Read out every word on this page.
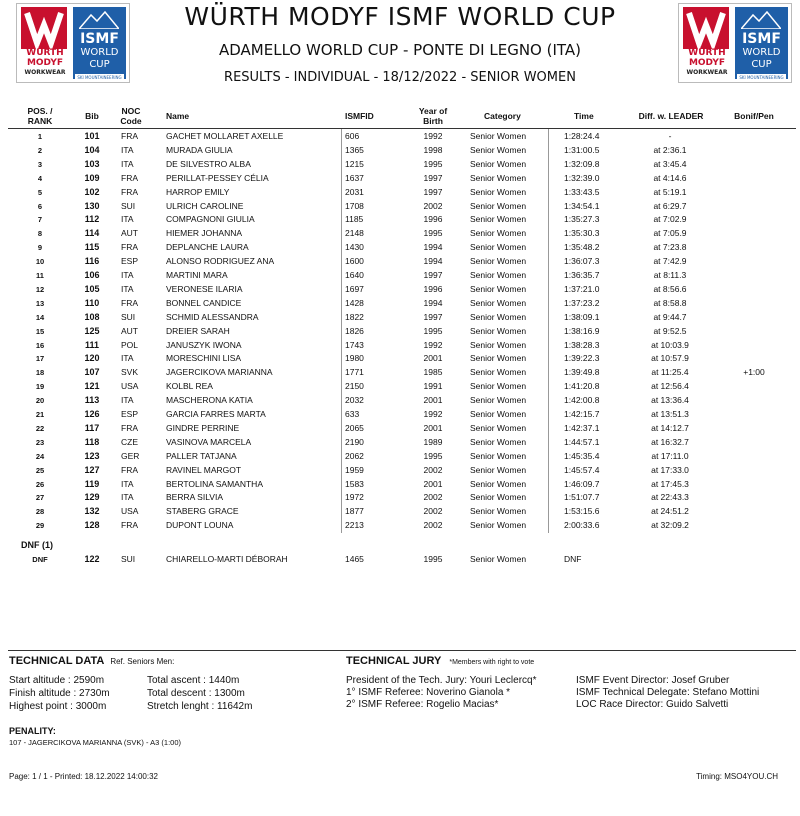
WÜRTH
MODYF
WORKWEAR
ISMF
WORLD CUP
SKI MOUNTAINEERING
WÜRTH
MODYF
WORKWEAR
ISMF
WORLD CUP
SKI MOUNTAINEERING
WÜRTH MODYF ISMF WORLD CUP
ADAMELLO WORLD CUP - PONTE DI LEGNO (ITA)
RESULTS - INDIVIDUAL - 18/12/2022 - SENIOR WOMEN
POS. / RANK	Bib	NOC Code	Name	ISMFID	Year of Birth	Category	Time	Diff. w. LEADER	Bonif/Pen
1	101	FRA	GACHET MOLLARET AXELLE	606	1992	Senior Women	1:28:24.4	-
2	104	ITA	MURADA GIULIA	1365	1998	Senior Women	1:31:00.5	at 2:36.1
3	103	ITA	DE SILVESTRO ALBA	1215	1995	Senior Women	1:32:09.8	at 3:45.4
4	109	FRA	PERILLAT-PESSEY CÉLIA	1637	1997	Senior Women	1:32:39.0	at 4:14.6
5	102	FRA	HARROP EMILY	2031	1997	Senior Women	1:33:43.5	at 5:19.1
6	130	SUI	ULRICH CAROLINE	1708	2002	Senior Women	1:34:54.1	at 6:29.7
7	112	ITA	COMPAGNONI GIULIA	1185	1996	Senior Women	1:35:27.3	at 7:02.9
8	114	AUT	HIEMER JOHANNA	2148	1995	Senior Women	1:35:30.3	at 7:05.9
9	115	FRA	DEPLANCHE LAURA	1430	1994	Senior Women	1:35:48.2	at 7:23.8
10	116	ESP	ALONSO RODRIGUEZ ANA	1600	1994	Senior Women	1:36:07.3	at 7:42.9
11	106	ITA	MARTINI MARA	1640	1997	Senior Women	1:36:35.7	at 8:11.3
12	105	ITA	VERONESE ILARIA	1697	1996	Senior Women	1:37:21.0	at 8:56.6
13	110	FRA	BONNEL CANDICE	1428	1994	Senior Women	1:37:23.2	at 8:58.8
14	108	SUI	SCHMID ALESSANDRA	1822	1997	Senior Women	1:38:09.1	at 9:44.7
15	125	AUT	DREIER SARAH	1826	1995	Senior Women	1:38:16.9	at 9:52.5
16	111	POL	JANUSZYK IWONA	1743	1992	Senior Women	1:38:28.3	at 10:03.9
17	120	ITA	MORESCHINI LISA	1980	2001	Senior Women	1:39:22.3	at 10:57.9
18	107	SVK	JAGERCIKOVA MARIANNA	1771	1985	Senior Women	1:39:49.8	at 11:25.4	+1:00
19	121	USA	KOLBL REA	2150	1991	Senior Women	1:41:20.8	at 12:56.4
20	113	ITA	MASCHERONA KATIA	2032	2001	Senior Women	1:42:00.8	at 13:36.4
21	126	ESP	GARCIA FARRES MARTA	633	1992	Senior Women	1:42:15.7	at 13:51.3
22	117	FRA	GINDRE PERRINE	2065	2001	Senior Women	1:42:37.1	at 14:12.7
23	118	CZE	VASINOVA MARCELA	2190	1989	Senior Women	1:44:57.1	at 16:32.7
24	123	GER	PALLER TATJANA	2062	1995	Senior Women	1:45:35.4	at 17:11.0
25	127	FRA	RAVINEL MARGOT	1959	2002	Senior Women	1:45:57.4	at 17:33.0
26	119	ITA	BERTOLINA SAMANTHA	1583	2001	Senior Women	1:46:09.7	at 17:45.3
27	129	ITA	BERRA SILVIA	1972	2002	Senior Women	1:51:07.7	at 22:43.3
28	132	USA	STABERG GRACE	1877	2002	Senior Women	1:53:15.6	at 24:51.2
29	128	FRA	DUPONT LOUNA	2213	2002	Senior Women	2:00:33.6	at 32:09.2
DNF (1)
DNF	122	SUI	CHIARELLO-MARTI DÉBORAH	1465	1995	Senior Women	DNF
TECHNICAL DATA Ref. Seniors Men:
Start altitude : 2590m
Finish altitude : 2730m
Highest point : 3000m
Total ascent : 1440m
Total descent : 1300m
Stretch lenght : 11642m
TECHNICAL JURY *Members with right to vote
President of the Tech. Jury: Youri Leclercq*
1° ISMF Referee: Noverino Gianola *
2° ISMF Referee: Rogelio Macias*
ISMF Event Director: Josef Gruber
ISMF Technical Delegate: Stefano Mottini
LOC Race Director: Guido Salvetti
PENALITY:
107 - JAGERCIKOVA MARIANNA (SVK) - A3 (1:00)
Page: 1 / 1 - Printed: 18.12.2022 14:00:32	Timing: MSO4YOU.CH
